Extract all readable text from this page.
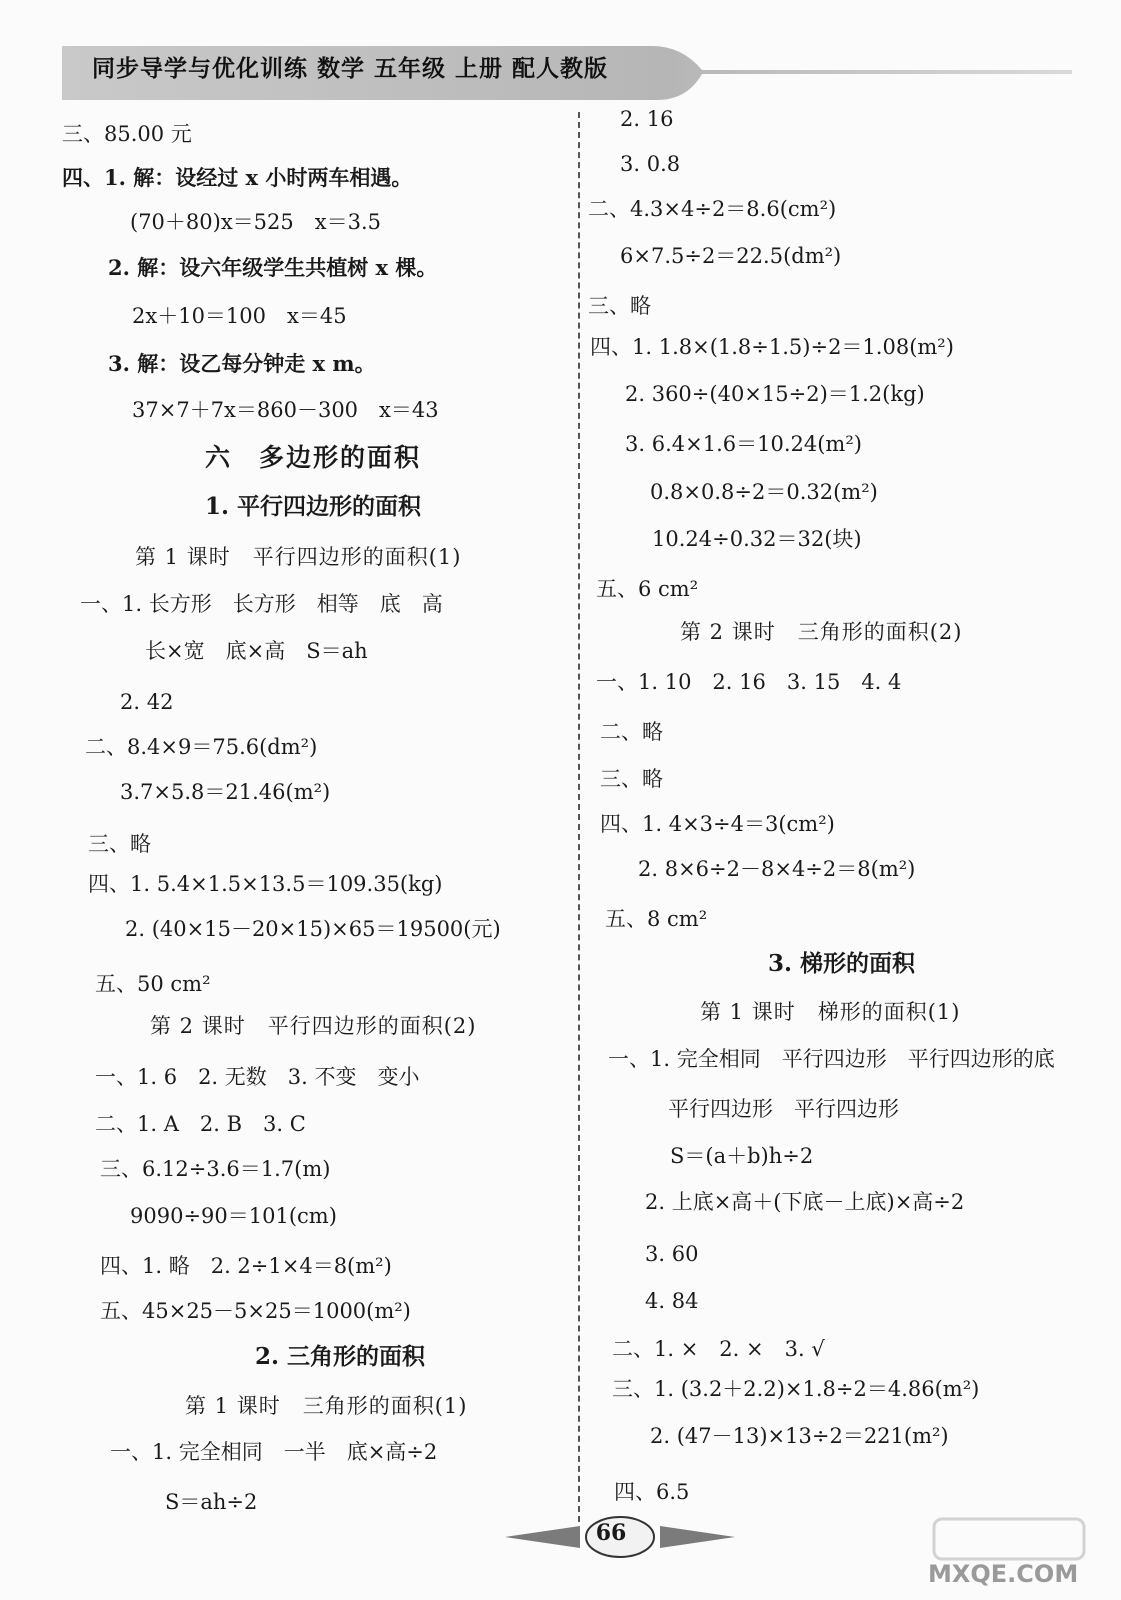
同步导学与优化训练 数学 五年级 上册 配人教版
三、85.00 元
四、1. 解：设经过 x 小时两车相遇。
(70＋80)x＝525　x＝3.5
2. 解：设六年级学生共植树 x 棵。
2x＋10＝100　x＝45
3. 解：设乙每分钟走 x m。
37×7＋7x＝860－300　x＝43
六　多边形的面积
1. 平行四边形的面积
第 1 课时　平行四边形的面积(1)
一、1. 长方形　长方形　相等　底　高
长×宽　底×高　S＝ah
2. 42
二、8.4×9＝75.6(dm²)
3.7×5.8＝21.46(m²)
三、略
四、1. 5.4×1.5×13.5＝109.35(kg)
2. (40×15－20×15)×65＝19500(元)
五、50 cm²
第 2 课时　平行四边形的面积(2)
一、1. 6　2. 无数　3. 不变　变小
二、1. A　2. B　3. C
三、6.12÷3.6＝1.7(m)
9090÷90＝101(cm)
四、1. 略　2. 2÷1×4＝8(m²)
五、45×25－5×25＝1000(m²)
2. 三角形的面积
第 1 课时　三角形的面积(1)
一、1. 完全相同　一半　底×高÷2
S＝ah÷2
2. 16
3. 0.8
二、4.3×4÷2＝8.6(cm²)
6×7.5÷2＝22.5(dm²)
三、略
四、1. 1.8×(1.8÷1.5)÷2＝1.08(m²)
2. 360÷(40×15÷2)＝1.2(kg)
3. 6.4×1.6＝10.24(m²)
0.8×0.8÷2＝0.32(m²)
10.24÷0.32＝32(块)
五、6 cm²
第 2 课时　三角形的面积(2)
一、1. 10　2. 16　3. 15　4. 4
二、略
三、略
四、1. 4×3÷4＝3(cm²)
2. 8×6÷2－8×4÷2＝8(m²)
五、8 cm²
3. 梯形的面积
第 1 课时　梯形的面积(1)
一、1. 完全相同　平行四边形　平行四边形的底
平行四边形　平行四边形
S＝(a＋b)h÷2
2. 上底×高＋(下底－上底)×高÷2
3. 60
4. 84
二、1. ×　2. ×　3. √
三、1. (3.2＋2.2)×1.8÷2＝4.86(m²)
2. (47－13)×13÷2＝221(m²)
四、6.5
66
MXQE.COM
